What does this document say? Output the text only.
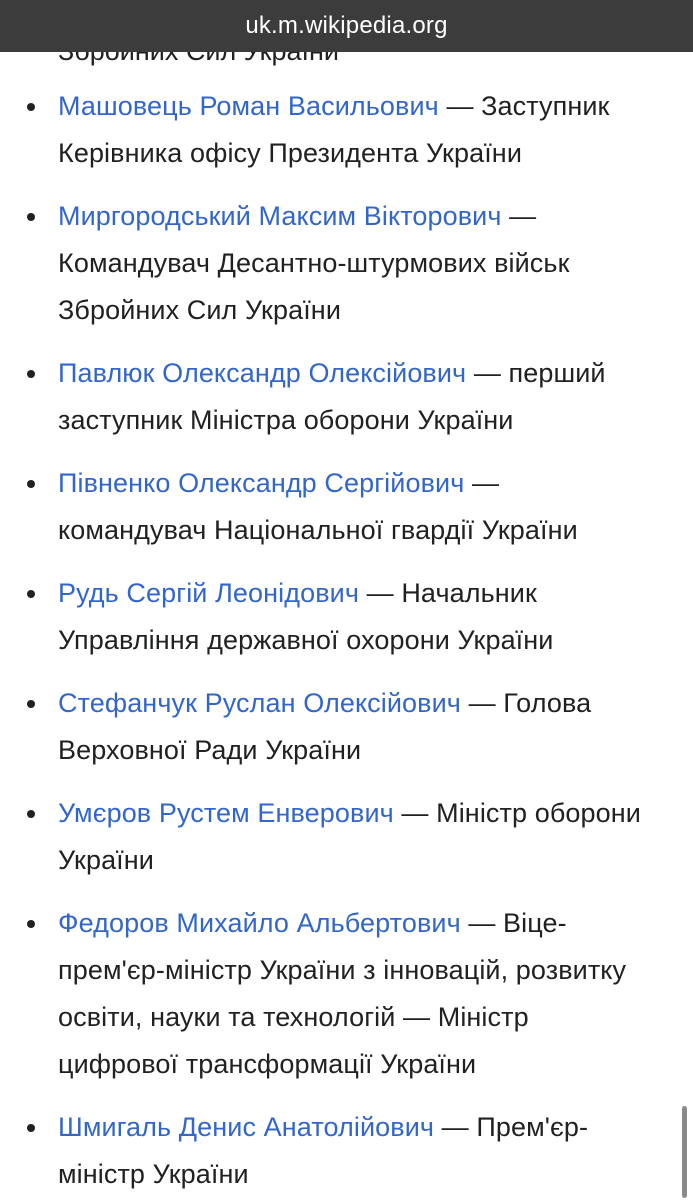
Машовець Роман Васильович — Заступник Керівника офісу Президента України
Миргородський Максим Вікторович — Командувач Десантно-штурмових військ Збройних Сил України
Павлюк Олександр Олексійович — перший заступник Міністра оборони України
Півненко Олександр Сергійович — командувач Національної гвардії України
Рудь Сергій Леонідович — Начальник Управління державної охорони України
Стефанчук Руслан Олексійович — Голова Верховної Ради України
Умєров Рустем Енверович — Міністр оборони України
Федоров Михайло Альбертович — Віце-прем'єр-міністр України з інновацій, розвитку освіти, науки та технологій — Міністр цифрової трансформації України
Шмигаль Денис Анатолійович — Прем'єр-міністр України
uk.m.wikipedia.org
